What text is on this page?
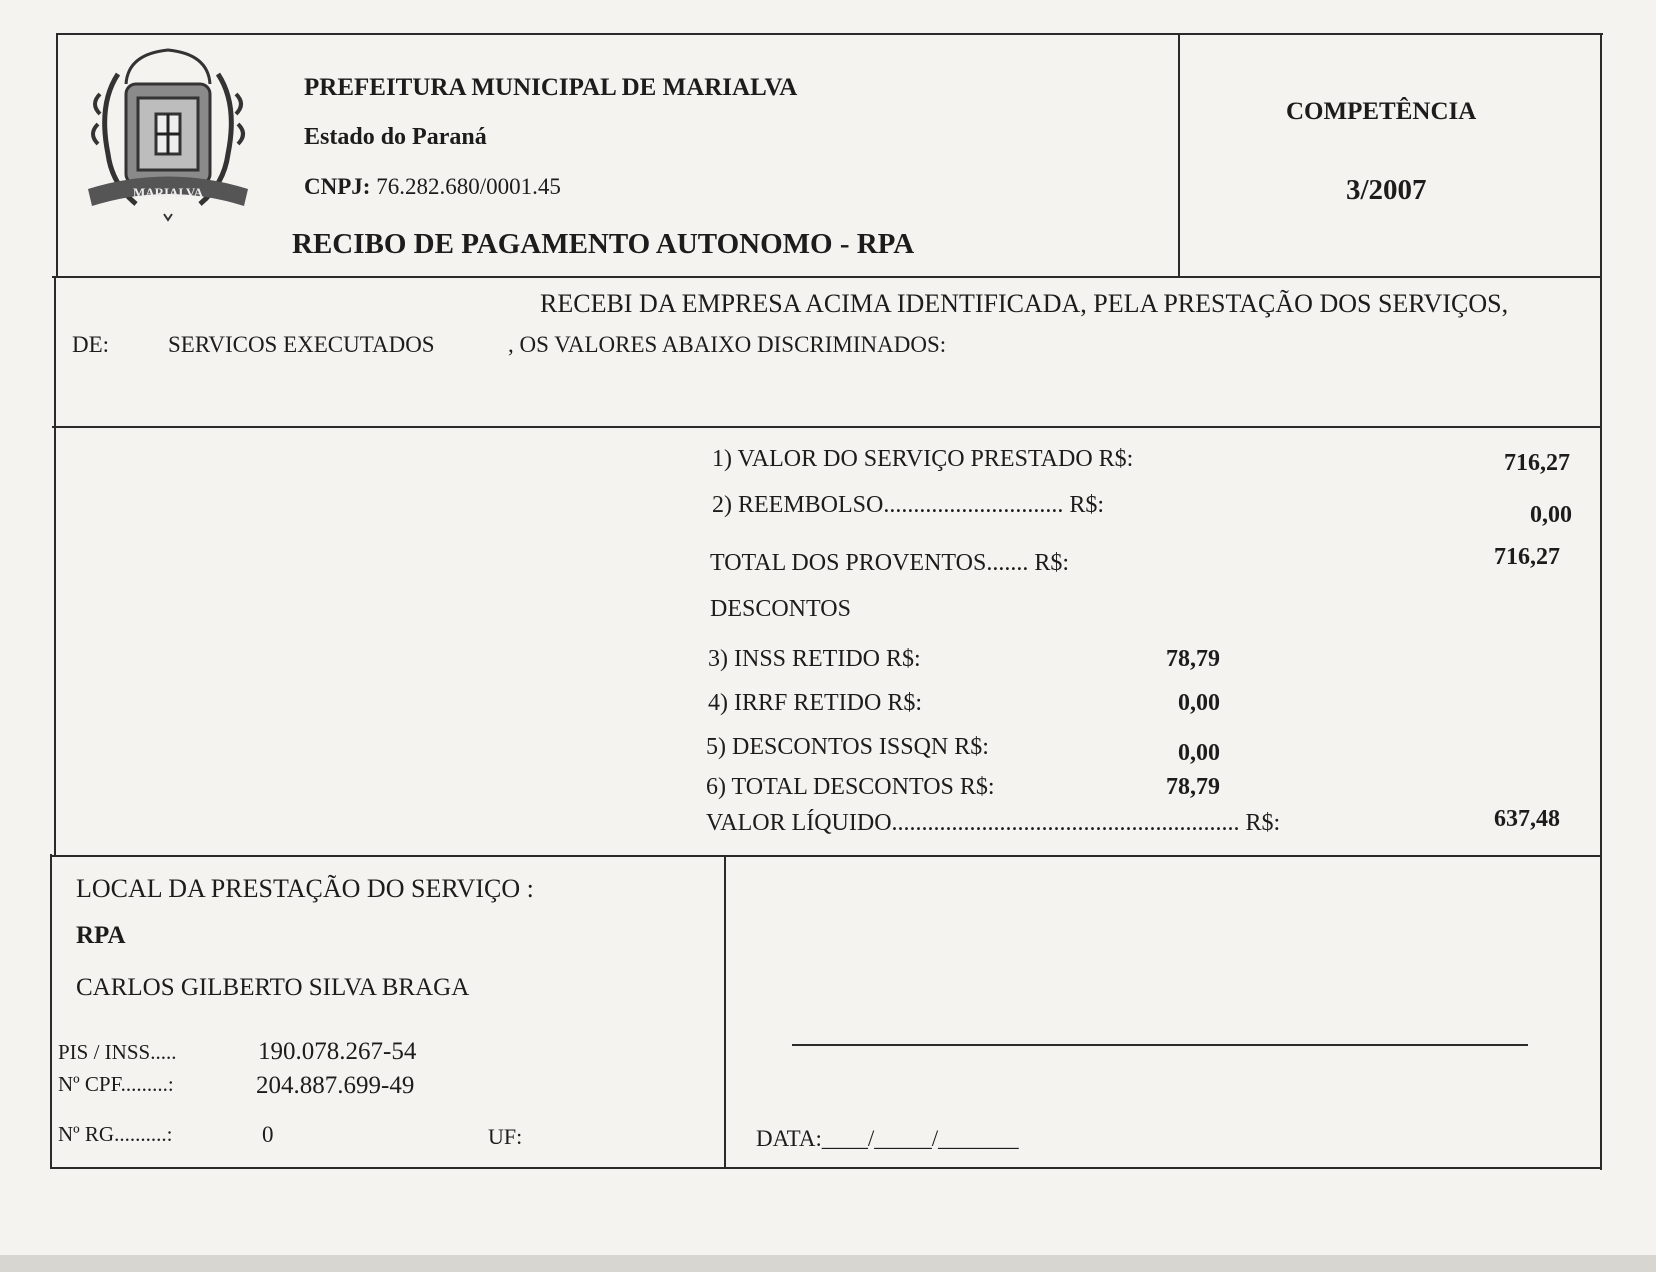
MARIALVA
PREFEITURA MUNICIPAL DE MARIALVA
Estado do Paraná
CNPJ: 76.282.680/0001.45
RECIBO DE PAGAMENTO AUTONOMO - RPA
COMPETÊNCIA
3/2007
RECEBI DA EMPRESA ACIMA IDENTIFICADA, PELA PRESTAÇÃO DOS SERVIÇOS,
DE:	SERVICOS EXECUTADOS	, OS VALORES ABAIXO DISCRIMINADOS:
1) VALOR DO SERVIÇO PRESTADO R$:	716,27
2) REEMBOLSO.............................. R$:	0,00
TOTAL DOS PROVENTOS....... R$:	716,27
DESCONTOS
3) INSS RETIDO R$:	78,79
4) IRRF RETIDO R$:	0,00
5) DESCONTOS ISSQN R$:	0,00
6) TOTAL DESCONTOS R$:	78,79
VALOR LÍQUIDO.......................................................... R$:	637,48
LOCAL DA PRESTAÇÃO DO SERVIÇO :
RPA
CARLOS GILBERTO SILVA BRAGA
PIS / INSS.....	190.078.267-54
Nº CPF.........:	204.887.699-49
Nº RG..........:	0	UF:	DATA:____/_____/_______
